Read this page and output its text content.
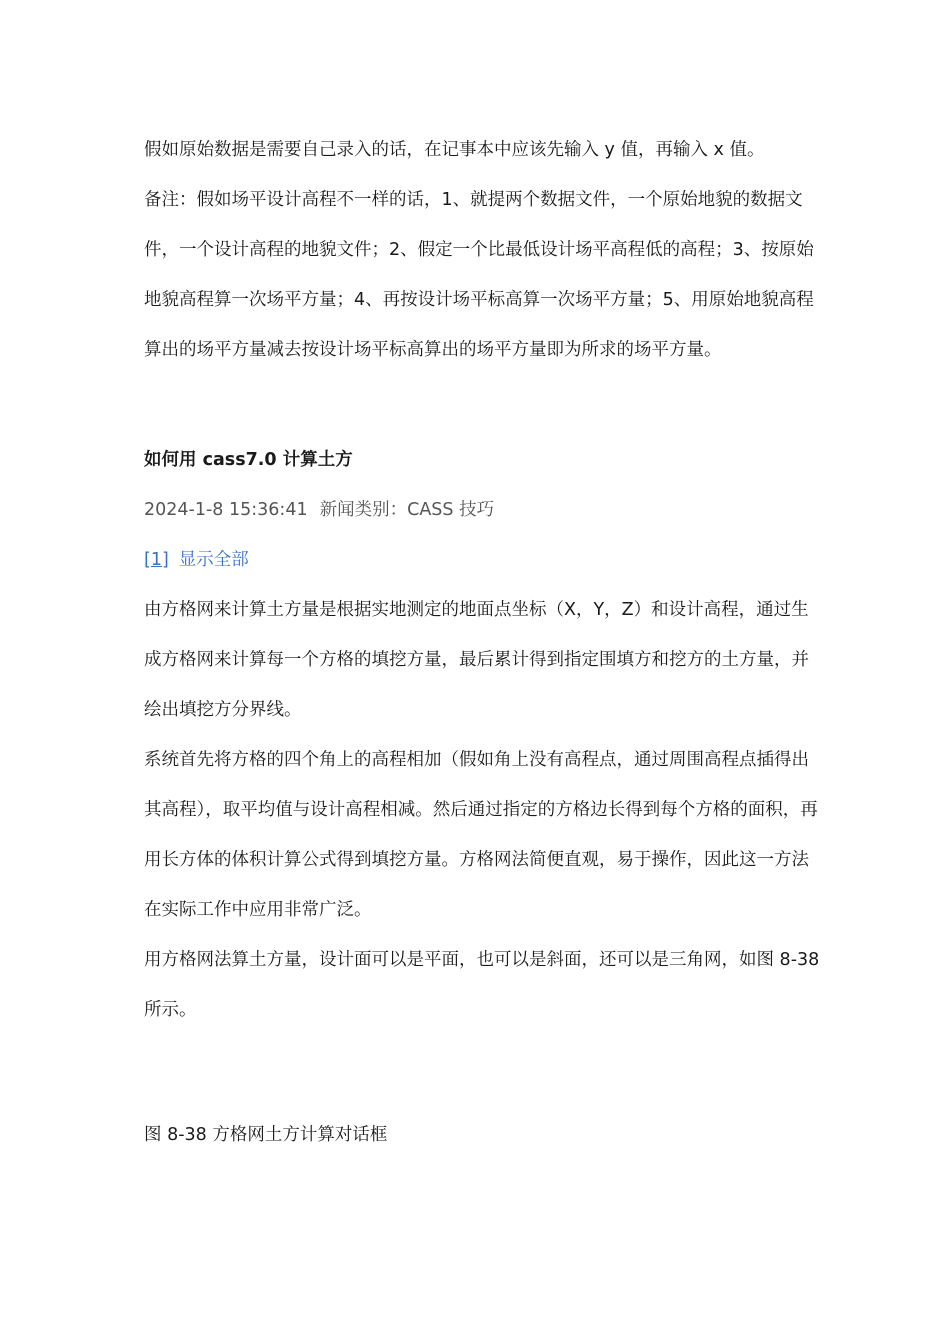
假如原始数据是需要自己录入的话，在记事本中应该先输入 y 值，再输入 x 值。

备注：假如场平设计高程不一样的话，1、就提两个数据文件，一个原始地貌的数据文件，一个设计高程的地貌文件；2、假定一个比最低设计场平高程低的高程；3、按原始地貌高程算一次场平方量；4、再按设计场平标高算一次场平方量；5、用原始地貌高程算出的场平方量减去按设计场平标高算出的场平方量即为所求的场平方量。

如何用 cass7.0 计算土方

2024-1-8 15:36:41 新闻类别：CASS 技巧

[1] 显示全部

由方格网来计算土方量是根据实地测定的地面点坐标（X，Y，Z）和设计高程，通过生成方格网来计算每一个方格的填挖方量，最后累计得到指定围填方和挖方的土方量，并绘出填挖方分界线。

系统首先将方格的四个角上的高程相加（假如角上没有高程点，通过周围高程点插得出其高程），取平均值与设计高程相减。然后通过指定的方格边长得到每个方格的面积，再用长方体的体积计算公式得到填挖方量。方格网法简便直观，易于操作，因此这一方法在实际工作中应用非常广泛。

用方格网法算土方量，设计面可以是平面，也可以是斜面，还可以是三角网，如图 8-38 所示。

图 8-38 方格网土方计算对话框
